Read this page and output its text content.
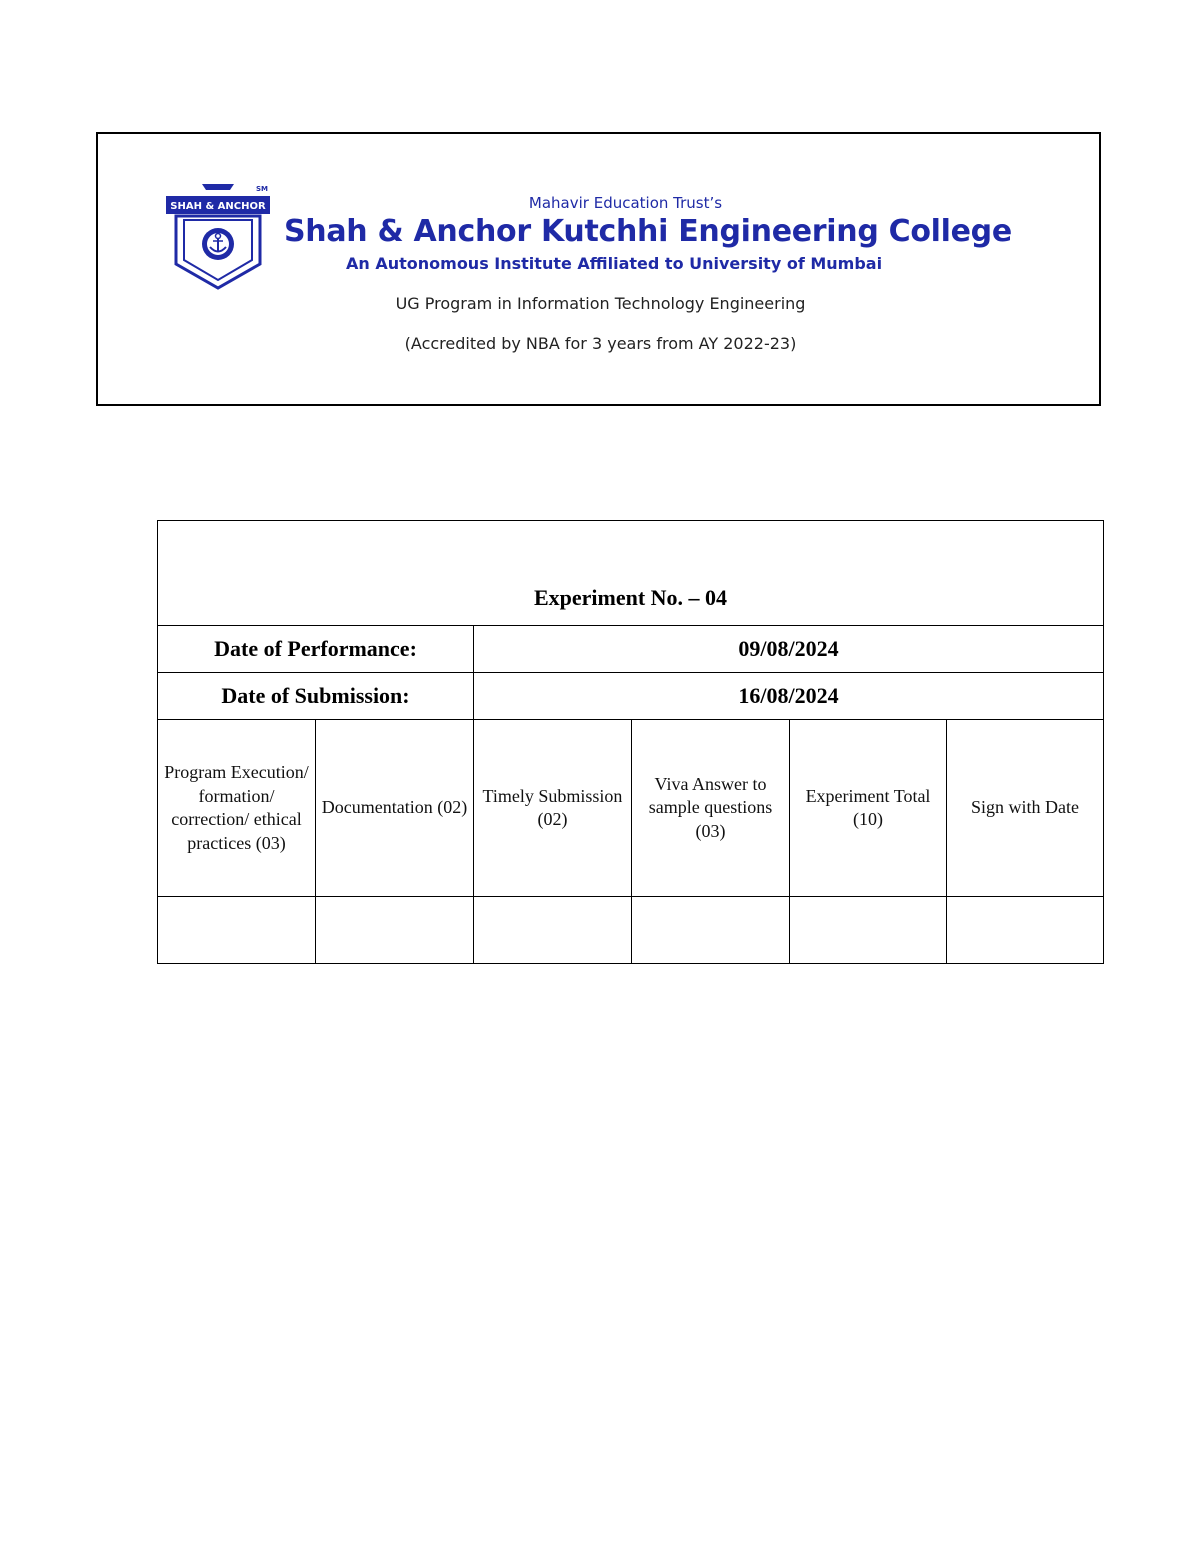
SHAH & ANCHOR
SM
Mahavir Education Trust’s
Shah & Anchor Kutchhi Engineering College
An Autonomous Institute Affiliated to University of Mumbai
UG Program in Information Technology Engineering
(Accredited by NBA for 3 years from AY 2022-23)
Experiment No. – 04					
Date of Performance:		09/08/2024			
Date of Submission:		16/08/2024			

Program Execution/ formation/ correction/ ethical practices (03)	Documentation (02)	Timely Submission (02)	Viva Answer to sample questions (03)	Experiment Total (10)	Sign with Date
